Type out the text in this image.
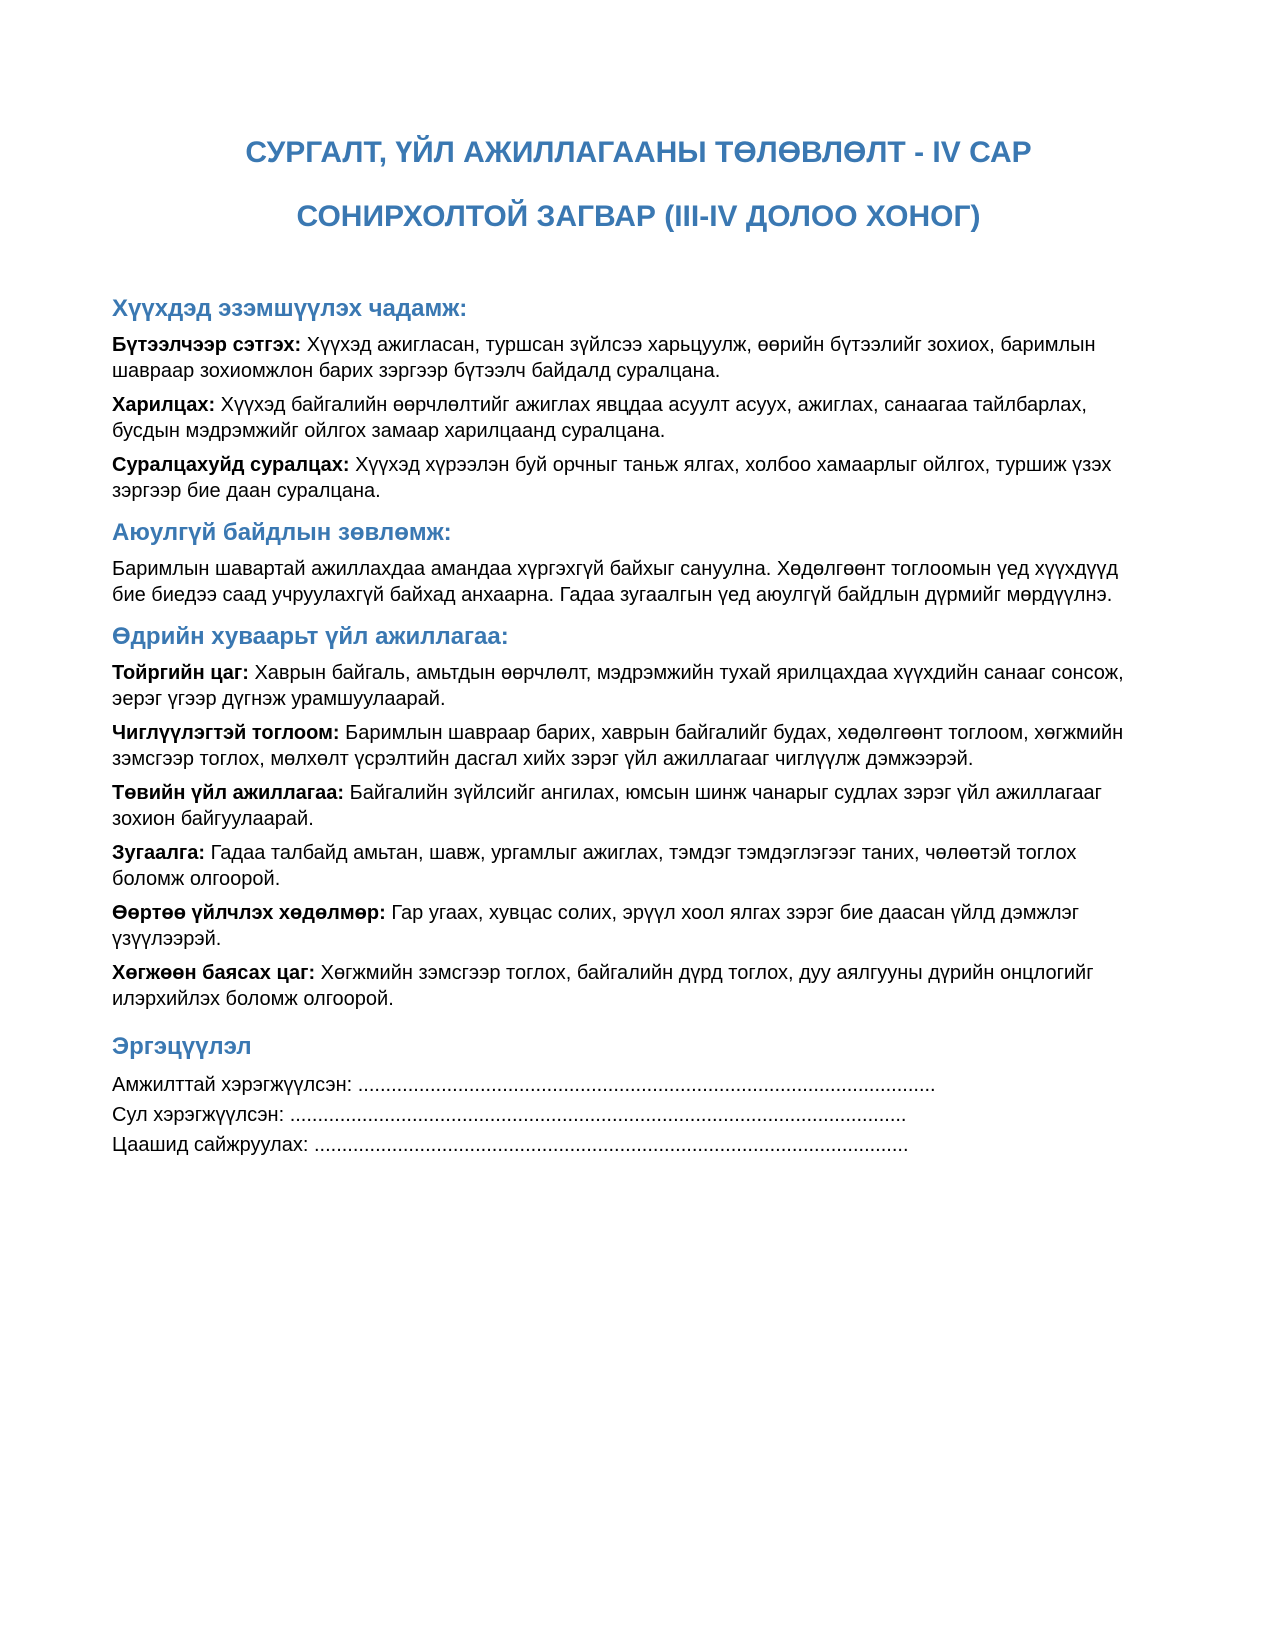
СУРГАЛТ, ҮЙЛ АЖИЛЛАГААНЫ ТӨЛӨВЛӨЛТ - IV САР

СОНИРХОЛТОЙ ЗАГВАР (III-IV ДОЛОО ХОНОГ)

Хүүхдэд эзэмшүүлэх чадамж:

Бүтээлчээр сэтгэх: Хүүхэд ажигласан, туршсан зүйлсээ харьцуулж, өөрийн бүтээлийг зохиох, баримлын шавраар зохиомжлон барих зэргээр бүтээлч байдалд суралцана.

Харилцах: Хүүхэд байгалийн өөрчлөлтийг ажиглах явцдаа асуулт асуух, ажиглах, санаагаа тайлбарлах, бусдын мэдрэмжийг ойлгох замаар харилцаанд суралцана.

Суралцахуйд суралцах: Хүүхэд хүрээлэн буй орчныг таньж ялгах, холбоо хамаарлыг ойлгох, туршиж үзэх зэргээр бие даан суралцана.

Аюулгүй байдлын зөвлөмж:

Баримлын шавартай ажиллахдаа амандаа хүргэхгүй байхыг сануулна. Хөдөлгөөнт тоглоомын үед хүүхдүүд бие биедээ саад учруулахгүй байхад анхаарна. Гадаа зугаалгын үед аюулгүй байдлын дүрмийг мөрдүүлнэ.

Өдрийн хуваарьт үйл ажиллагаа:

Тойргийн цаг: Хаврын байгаль, амьтдын өөрчлөлт, мэдрэмжийн тухай ярилцахдаа хүүхдийн санааг сонсож, эерэг үгээр дүгнэж урамшуулаарай.

Чиглүүлэгтэй тоглоом: Баримлын шавраар барих, хаврын байгалийг будах, хөдөлгөөнт тоглоом, хөгжмийн зэмсгээр тоглох, мөлхөлт үсрэлтийн дасгал хийх зэрэг үйл ажиллагааг чиглүүлж дэмжээрэй.

Төвийн үйл ажиллагаа: Байгалийн зүйлсийг ангилах, юмсын шинж чанарыг судлах зэрэг үйл ажиллагааг зохион байгуулаарай.

Зугаалга: Гадаа талбайд амьтан, шавж, ургамлыг ажиглах, тэмдэг тэмдэглэгээг таних, чөлөөтэй тоглох боломж олгоорой.

Өөртөө үйлчлэх хөдөлмөр: Гар угаах, хувцас солих, эрүүл хоол ялгах зэрэг бие даасан үйлд дэмжлэг үзүүлээрэй.

Хөгжөөн баясах цаг: Хөгжмийн зэмсгээр тоглох, байгалийн дүрд тоглох, дуу аялгууны дүрийн онцлогийг илэрхийлэх боломж олгоорой.

Эргэцүүлэл

Амжилттай хэрэгжүүлсэн: ........................................................................................................

Сул хэрэгжүүлсэн: ...............................................................................................................

Цаашид сайжруулах: ...........................................................................................................
